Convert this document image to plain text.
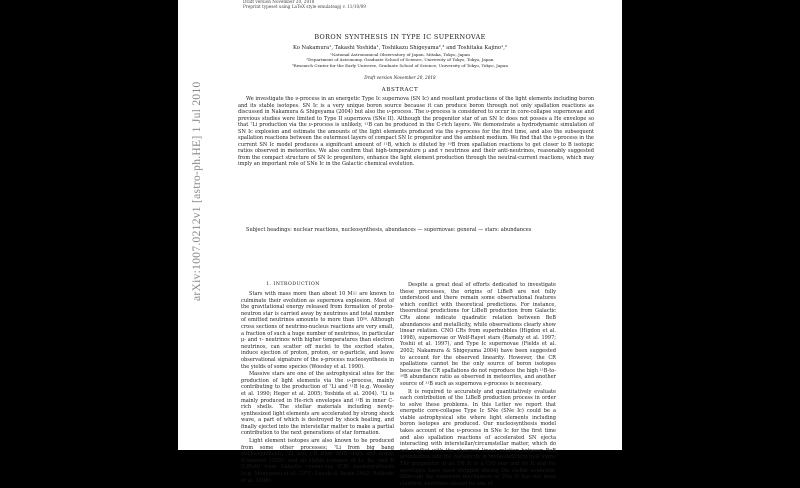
arXiv:1007.0212v1 [astro-ph.HE] 1 Jul 2010
Draft version November 20, 2018
Preprint typeset using LaTeX style emulateapj v. 11/10/09
BORON SYNTHESIS IN TYPE IC SUPERNOVAE
Ko Nakamura¹, Takashi Yoshida¹, Toshikazu Shigeyama²,³ and Toshitaka Kajino¹,²
¹National Astronomical Observatory of Japan, Mitaka, Tokyo, Japan
²Department of Astronomy, Graduate School of Science, University of Tokyo, Tokyo, Japan
³Research Center for the Early Universe, Graduate School of Science, University of Tokyo, Tokyo, Japan
Draft version November 20, 2018
ABSTRACT
We investigate the ν-process in an energetic Type Ic supernova (SN Ic) and resultant productions of the light elements including boron and its stable isotopes. SN Ic is a very unique boron source because it can produce boron through not only spallation reactions as discussed in Nakamura & Shigeyama (2004) but also the ν-process. The ν-process is considered to occur in core-collapse supernovae and previous studies were limited to Type II supernova (SNe II). Although the progenitor star of an SN Ic does not posses a He envelope so that ⁷Li production via the ν-process is unlikely, ¹¹B can be produced in the C-rich layers. We demonstrate a hydrodynamic simulation of SN Ic explosion and estimate the amounts of the light elements produced via the ν-process for the first time, and also the subsequent spallation reactions between the outermost layers of compact SN Ic progenitor and the ambient medium. We find that the ν-process in the current SN Ic model produces a significant amount of ¹¹B, which is diluted by ¹⁰B from spallation reactions to get closer to B isotopic ratios observed in meteorites. We also confirm that high-temperature μ and τ neutrinos and their anti-neutrinos, reasonably suggested from the compact structure of SN Ic progenitors, enhance the light element production through the neutral-current reactions, which may imply an important role of SNe Ic in the Galactic chemical evolution.
Subject headings: nuclear reactions, nucleosynthesis, abundances — supernovae: general — stars: abundances
1. INTRODUCTION

Stars with mass more than about 10 M☉ are known to culminate their evolution as supernova explosion. Most of the gravitational energy released from formation of proto-neutron star is carried away by neutrinos and total number of emitted neutrinos amounts to more than 10⁵⁸. Although cross sections of neutrino-nucleus reactions are very small, a fraction of such a huge number of neutrinos, in particular μ- and τ- neutrinos with higher temperatures than electron neutrinos, can scatter off nuclei to the excited states, induce ejection of proton, proton, or α-particle, and leave observational signature of the ν-process nucleosynthesis in the yields of some species (Woosley et al. 1990).

Massive stars are one of the astrophysical sites for the production of light elements via the ν-process, mainly contributing to the production of ⁷Li and ¹¹B (e.g. Woosley et al. 1990; Heger et al. 2005; Yoshida et al. 2004). ⁷Li is mainly produced in He-rich envelopes and ¹¹B in inner C-rich shells. The stellar materials including newly-synthesized light elements are accelerated by strong shock wave, a part of which is destroyed by shock heating, and finally ejected into the interstellar matter to make a partial contribution to the next generations of star formation.

Light element isotopes are also known to be produced from some other processes; ⁷Li from big bang nucleosynthesis, ⁷Li and ¹¹B from AGB stars and novae (Cameron 1955), and all stable isotopes of Li, Be, and B (LiBeB) from Galactic cosmic-ray (CR) nucleosynthesis (e.g. Meneguzzi et al. 1971; Suzuki & Inoue 2002; Rollinde et al. 2008).

Despite a great deal of efforts dedicated to investigate these processes, the origins of LiBeB are not fully understood and there remain some observational features which conflict with theoretical predictions. For instance, theoretical predictions for LiBeB production from Galactic CRs alone indicate quadratic relation between BeB abundances and metallicity, while observations clearly show linear relation. CNO CRs from superbubbles (Higdon et al. 1998), supernovae or Wolf-Rayet stars (Ramaty et al. 1997; Yoshii et al. 1997), and Type Ic supernovae (Fields et al. 2002; Nakamura & Shigeyama 2004) have been suggested to account for the observed linearity. However, the CR spallations cannot be the only source of boron isotopes because the CR spallations do not reproduce the high ¹¹B-to-¹⁰B abundance ratio as observed in meteorites, and another source of ¹¹B such as supernova ν-process is necessary.

It is required to accurately and quantitatively evaluate each contribution of the LiBeB production process in order to solve these problems. In this Letter we report that energetic core-collapse Type Ic SNe (SNe Ic) could be a viable astrophysical site where light elements including boron isotopes are produced. Our nucleosynthesis model takes account of the ν-process in SNe Ic for the first time and also spallation reactions of accelerated SN ejecta interacting with interstellar/circumstellar matter, which do not conflict with the observed linear relation between BeB abundances and the metallicity in metal-deficient halo stars. The progenitor of an SN Ic is a C/O star and its H and He envelopes have been stripped during the stellar evolution. Although the explosion mechanism of SNe Ic has not been clarified, neutrinos should be one of
